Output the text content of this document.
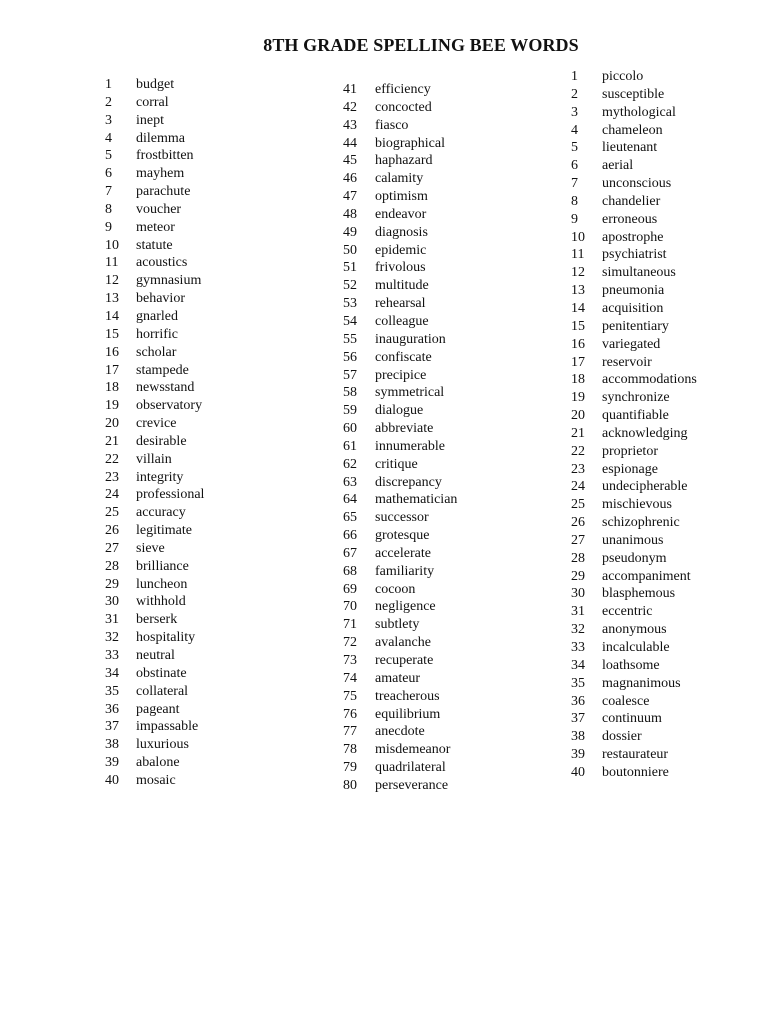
8TH GRADE SPELLING BEE WORDS
1	budget
2	corral
3	inept
4	dilemma
5	frostbitten
6	mayhem
7	parachute
8	voucher
9	meteor
10	statute
11	acoustics
12	gymnasium
13	behavior
14	gnarled
15	horrific
16	scholar
17	stampede
18	newsstand
19	observatory
20	crevice
21	desirable
22	villain
23	integrity
24	professional
25	accuracy
26	legitimate
27	sieve
28	brilliance
29	luncheon
30	withhold
31	berserk
32	hospitality
33	neutral
34	obstinate
35	collateral
36	pageant
37	impassable
38	luxurious
39	abalone
40	mosaic
41	efficiency
42	concocted
43	fiasco
44	biographical
45	haphazard
46	calamity
47	optimism
48	endeavor
49	diagnosis
50	epidemic
51	frivolous
52	multitude
53	rehearsal
54	colleague
55	inauguration
56	confiscate
57	precipice
58	symmetrical
59	dialogue
60	abbreviate
61	innumerable
62	critique
63	discrepancy
64	mathematician
65	successor
66	grotesque
67	accelerate
68	familiarity
69	cocoon
70	negligence
71	subtlety
72	avalanche
73	recuperate
74	amateur
75	treacherous
76	equilibrium
77	anecdote
78	misdemeanor
79	quadrilateral
80	perseverance
1	piccolo
2	susceptible
3	mythological
4	chameleon
5	lieutenant
6	aerial
7	unconscious
8	chandelier
9	erroneous
10	apostrophe
11	psychiatrist
12	simultaneous
13	pneumonia
14	acquisition
15	penitentiary
16	variegated
17	reservoir
18	accommodations
19	synchronize
20	quantifiable
21	acknowledging
22	proprietor
23	espionage
24	undecipherable
25	mischievous
26	schizophrenic
27	unanimous
28	pseudonym
29	accompaniment
30	blasphemous
31	eccentric
32	anonymous
33	incalculable
34	loathsome
35	magnanimous
36	coalesce
37	continuum
38	dossier
39	restaurateur
40	boutonniere
